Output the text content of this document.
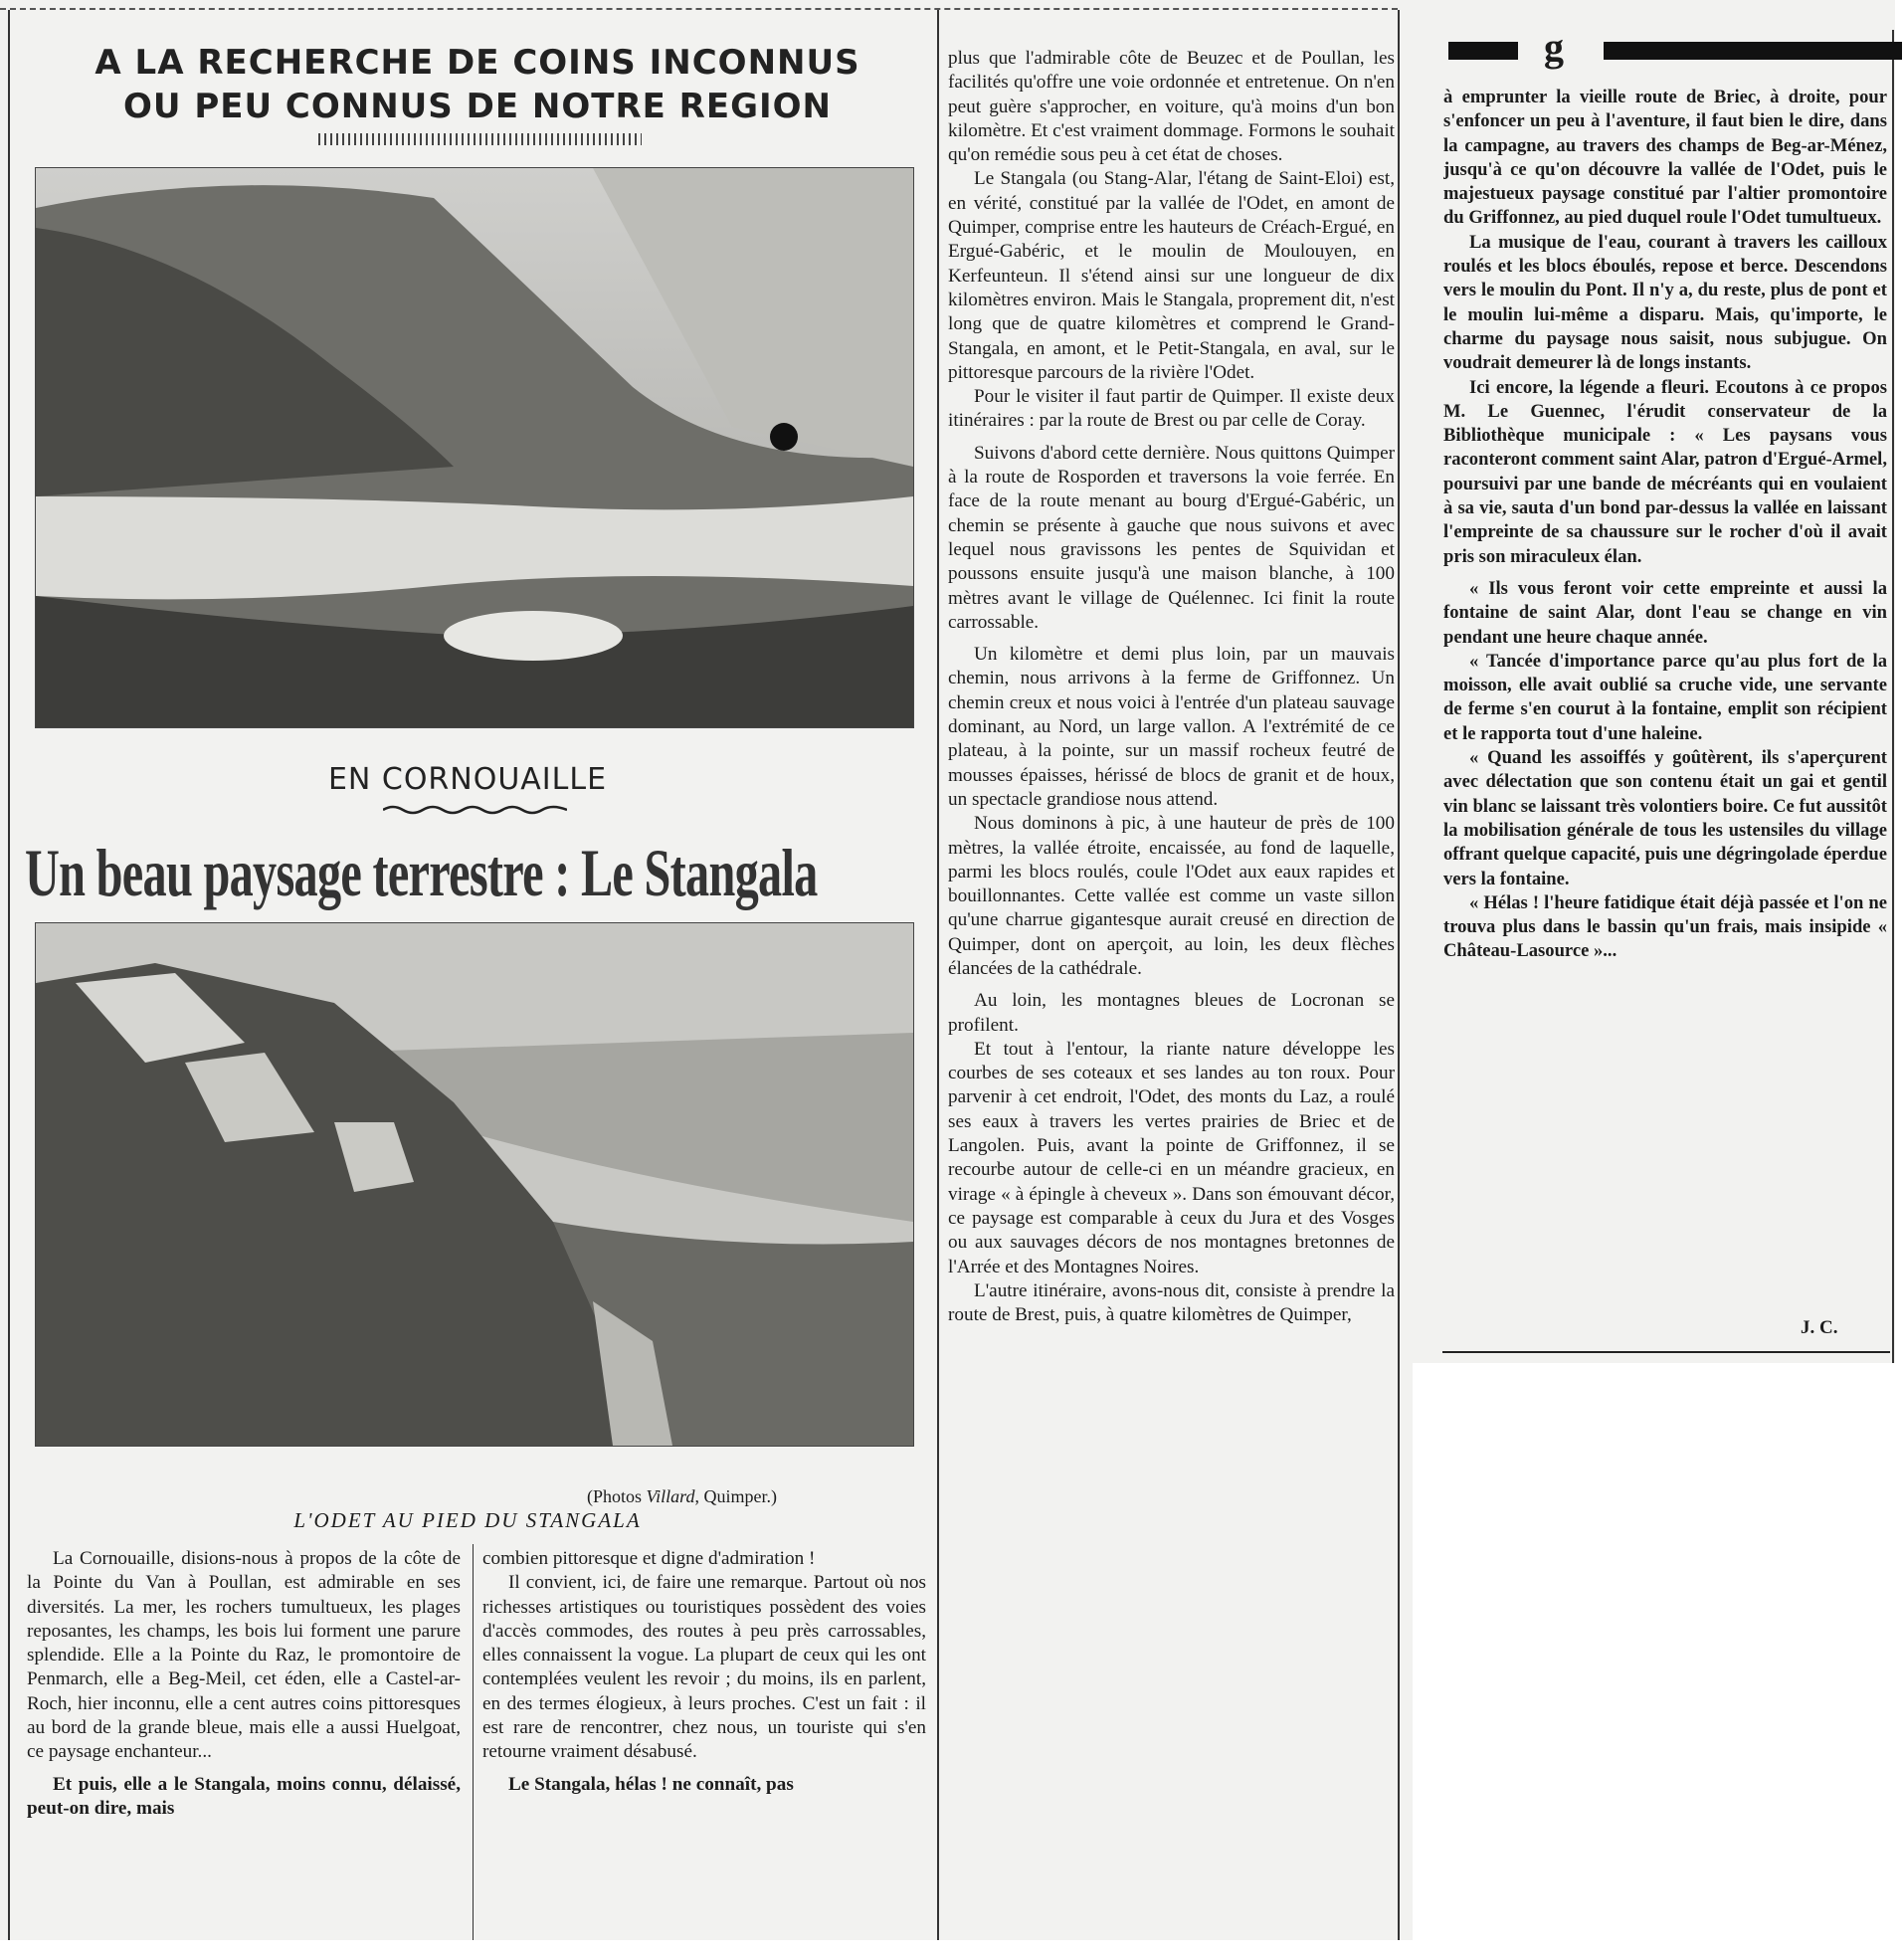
A LA RECHERCHE DE COINS INCONNUS
OU PEU CONNUS DE NOTRE REGION
EN CORNOUAILLE
Un beau paysage terrestre : Le Stangala
(Photos Villard, Quimper.)
L'ODET AU PIED DU STANGALA

La Cornouaille, disions-nous à propos de la côte de la Pointe du Van à Poullan, est admirable en ses diversités. La mer, les rochers tumultueux, les plages reposantes, les champs, les bois lui forment une parure splendide. Elle a la Pointe du Raz, le promontoire de Penmarch, elle a Beg-Meil, cet éden, elle a Castel-ar-Roch, hier inconnu, elle a cent autres coins pittoresques au bord de la grande bleue, mais elle a aussi Huelgoat, ce paysage enchanteur...

Et puis, elle a le Stangala, moins connu, délaissé, peut-on dire, mais

combien pittoresque et digne d'admiration !

Il convient, ici, de faire une remarque. Partout où nos richesses artistiques ou touristiques possèdent des voies d'accès commodes, des routes à peu près carrossables, elles connaissent la vogue. La plupart de ceux qui les ont contemplées veulent les revoir ; du moins, ils en parlent, en des termes élogieux, à leurs proches. C'est un fait : il est rare de rencontrer, chez nous, un touriste qui s'en retourne vraiment désabusé.

Le Stangala, hélas ! ne connaît, pas

plus que l'admirable côte de Beuzec et de Poullan, les facilités qu'offre une voie ordonnée et entretenue. On n'en peut guère s'approcher, en voiture, qu'à moins d'un bon kilomètre. Et c'est vraiment dommage. Formons le souhait qu'on remédie sous peu à cet état de choses.

Le Stangala (ou Stang-Alar, l'étang de Saint-Eloi) est, en vérité, constitué par la vallée de l'Odet, en amont de Quimper, comprise entre les hauteurs de Créach-Ergué, en Ergué-Gabéric, et le moulin de Moulouyen, en Kerfeunteun. Il s'étend ainsi sur une longueur de dix kilomètres environ. Mais le Stangala, proprement dit, n'est long que de quatre kilomètres et comprend le Grand-Stangala, en amont, et le Petit-Stangala, en aval, sur le pittoresque parcours de la rivière l'Odet.

Pour le visiter il faut partir de Quimper. Il existe deux itinéraires : par la route de Brest ou par celle de Coray.

Suivons d'abord cette dernière. Nous quittons Quimper à la route de Rosporden et traversons la voie ferrée. En face de la route menant au bourg d'Ergué-Gabéric, un chemin se présente à gauche que nous suivons et avec lequel nous gravissons les pentes de Squividan et poussons ensuite jusqu'à une maison blanche, à 100 mètres avant le village de Quélennec. Ici finit la route carrossable.

Un kilomètre et demi plus loin, par un mauvais chemin, nous arrivons à la ferme de Griffonnez. Un chemin creux et nous voici à l'entrée d'un plateau sauvage dominant, au Nord, un large vallon. A l'extrémité de ce plateau, à la pointe, sur un massif rocheux feutré de mousses épaisses, hérissé de blocs de granit et de houx, un spectacle grandiose nous attend.

Nous dominons à pic, à une hauteur de près de 100 mètres, la vallée étroite, encaissée, au fond de laquelle, parmi les blocs roulés, coule l'Odet aux eaux rapides et bouillonnantes. Cette vallée est comme un vaste sillon qu'une charrue gigantesque aurait creusé en direction de Quimper, dont on aperçoit, au loin, les deux flèches élancées de la cathédrale.

Au loin, les montagnes bleues de Locronan se profilent.

Et tout à l'entour, la riante nature développe les courbes de ses coteaux et ses landes au ton roux. Pour parvenir à cet endroit, l'Odet, des monts du Laz, a roulé ses eaux à travers les vertes prairies de Briec et de Langolen. Puis, avant la pointe de Griffonnez, il se recourbe autour de celle-ci en un méandre gracieux, en virage « à épingle à cheveux ». Dans son émouvant décor, ce paysage est comparable à ceux du Jura et des Vosges ou aux sauvages décors de nos montagnes bretonnes de l'Arrée et des Montagnes Noires.

L'autre itinéraire, avons-nous dit, consiste à prendre la route de Brest, puis, à quatre kilomètres de Quimper,

g

à emprunter la vieille route de Briec, à droite, pour s'enfoncer un peu à l'aventure, il faut bien le dire, dans la campagne, au travers des champs de Beg-ar-Ménez, jusqu'à ce qu'on découvre la vallée de l'Odet, puis le majestueux paysage constitué par l'altier promontoire du Griffonnez, au pied duquel roule l'Odet tumultueux.

La musique de l'eau, courant à travers les cailloux roulés et les blocs éboulés, repose et berce. Descendons vers le moulin du Pont. Il n'y a, du reste, plus de pont et le moulin lui-même a disparu. Mais, qu'importe, le charme du paysage nous saisit, nous subjugue. On voudrait demeurer là de longs instants.

Ici encore, la légende a fleuri. Ecoutons à ce propos M. Le Guennec, l'érudit conservateur de la Bibliothèque municipale : « Les paysans vous raconteront comment saint Alar, patron d'Ergué-Armel, poursuivi par une bande de mécréants qui en voulaient à sa vie, sauta d'un bond par-dessus la vallée en laissant l'empreinte de sa chaussure sur le rocher d'où il avait pris son miraculeux élan.

« Ils vous feront voir cette empreinte et aussi la fontaine de saint Alar, dont l'eau se change en vin pendant une heure chaque année.

« Tancée d'importance parce qu'au plus fort de la moisson, elle avait oublié sa cruche vide, une servante de ferme s'en courut à la fontaine, emplit son récipient et le rapporta tout d'une haleine.

« Quand les assoiffés y goûtèrent, ils s'aperçurent avec délectation que son contenu était un gai et gentil vin blanc se laissant très volontiers boire. Ce fut aussitôt la mobilisation générale de tous les ustensiles du village offrant quelque capacité, puis une dégringolade éperdue vers la fontaine.

« Hélas ! l'heure fatidique était déjà passée et l'on ne trouva plus dans le bassin qu'un frais, mais insipide « Château-Lasource »...

J. C.
